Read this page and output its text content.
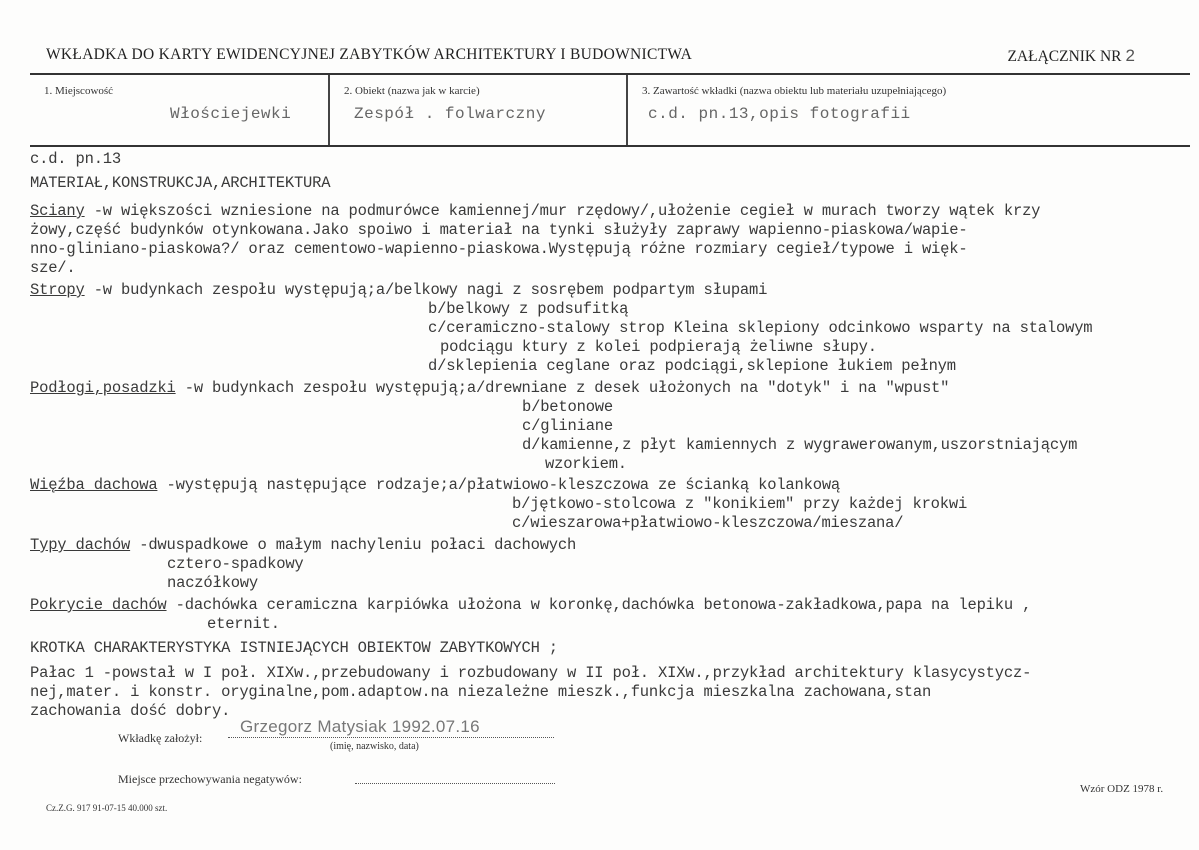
WKŁADKA DO KARTY EWIDENCYJNEJ ZABYTKÓW ARCHITEKTURY I BUDOWNICTWA	ZAŁĄCZNIK NR 2
1. Miejscowość
Włościejewki
2. Obiekt (nazwa jak w karcie)
Zespół . folwarczny
3. Zawartość wkładki (nazwa obiektu lub materiału uzupełniającego)
c.d. pn.13,opis fotografii
c.d. pn.13
MATERIAŁ,KONSTRUKCJA,ARCHITEKTURA
Sciany -w większości wzniesione na podmurówce kamiennej/mur rzędowy/,ułożenie cegieł w murach tworzy wątek krzy
żowy,część budynków otynkowana.Jako spoiwo i materiał na tynki służyły zaprawy wapienno-piaskowa/wapie-
nno-gliniano-piaskowa?/ oraz cementowo-wapienno-piaskowa.Występują różne rozmiary cegieł/typowe i więk-
sze/.
Stropy -w budynkach zespołu występują;a/belkowy nagi z sosrębem podpartym słupami
b/belkowy z podsufitką
c/ceramiczno-stalowy strop Kleina sklepiony odcinkowo wsparty na stalowym
podciągu ktury z kolei podpierają żeliwne słupy.
d/sklepienia ceglane oraz podciągi,sklepione łukiem pełnym
Podłogi,posadzki -w budynkach zespołu występują;a/drewniane z desek ułożonych na "dotyk" i na "wpust"
b/betonowe
c/gliniane
d/kamienne,z płyt kamiennych z wygrawerowanym,uszorstniającym
wzorkiem.
Więźba dachowa -występują następujące rodzaje;a/płatwiowo-kleszczowa ze ścianką kolankową
b/jętkowo-stolcowa z "konikiem" przy każdej krokwi
c/wieszarowa+płatwiowo-kleszczowa/mieszana/
Typy dachów -dwuspadkowe o małym nachyleniu połaci dachowych
cztero-spadkowy
naczółkowy
Pokrycie dachów -dachówka ceramiczna karpiówka ułożona w koronkę,dachówka betonowa-zakładkowa,papa na lepiku ,
eternit.
KROTKA CHARAKTERYSTYKA ISTNIEJĄCYCH OBIEKTOW ZABYTKOWYCH ;
Pałac 1 -powstał w I poł. XIXw.,przebudowany i rozbudowany w II poł. XIXw.,przykład architektury klasycystycz-
nej,mater. i konstr. oryginalne,pom.adaptow.na niezależne mieszk.,funkcja mieszkalna zachowana,stan
zachowania dość dobry.
Wkładkę założył:
Grzegorz Matysiak 1992.07.16
(imię, nazwisko, data)
Miejsce przechowywania negatywów:
Cz.Z.G. 917 91-07-15 40.000 szt.
Wzór ODZ 1978 r.
